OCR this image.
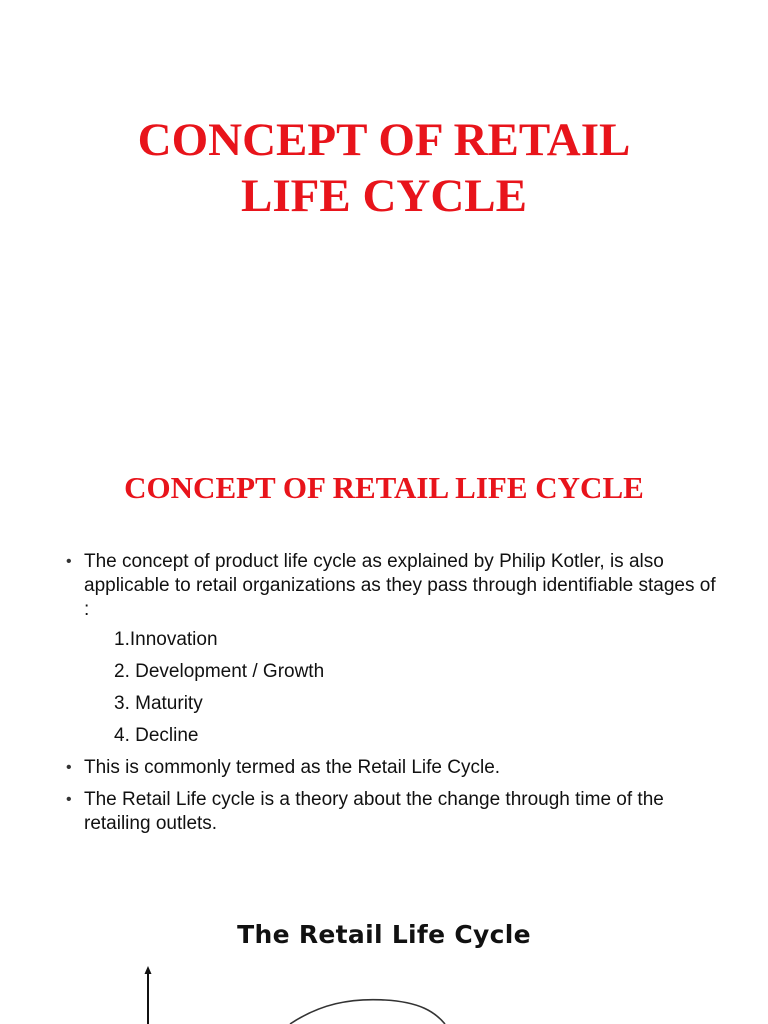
CONCEPT OF RETAIL
LIFE CYCLE
CONCEPT OF RETAIL LIFE CYCLE
• The concept of product life cycle as explained by Philip Kotler, is also applicable to retail organizations as they pass through identifiable stages of :
1.Innovation
2. Development / Growth
3. Maturity
4. Decline
• This is commonly termed as the Retail Life Cycle.
• The Retail Life cycle is a theory about the change through time of the retailing outlets.
The Retail Life Cycle
